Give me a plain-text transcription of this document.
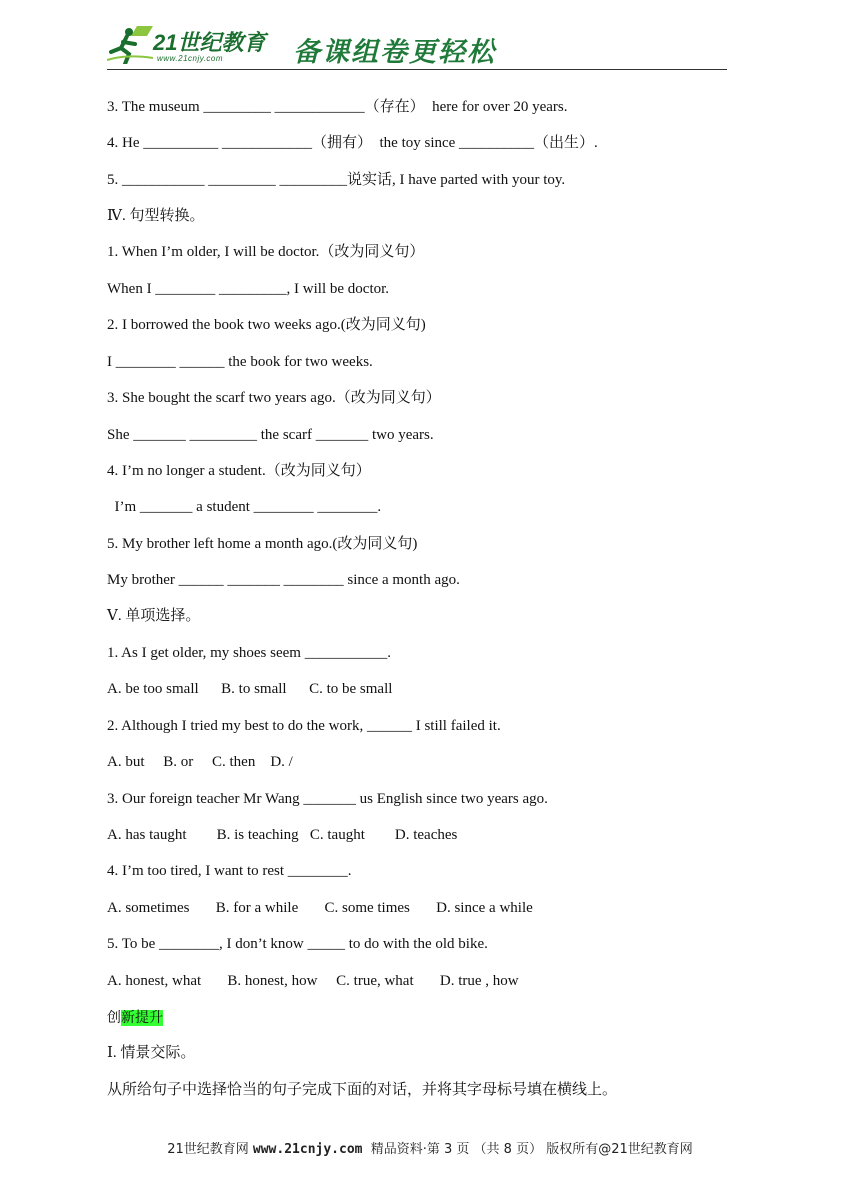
21世纪教育
www.21cnjy.com	备课组卷更轻松
3. The museum _________ ____________（存在）  here for over 20 years.
4. He __________ ____________（拥有）  the toy since __________（出生）.
5. ___________ _________ _________说实话, I have parted with your toy.
Ⅳ. 句型转换。
1. When I’m older, I will be doctor.（改为同义句）
When I ________ _________, I will be doctor.
2. I borrowed the book two weeks ago.(改为同义句)
I ________ ______ the book for two weeks.
3. She bought the scarf two years ago.（改为同义句）
She _______ _________ the scarf _______ two years.
4. I’m no longer a student.（改为同义句）
I’m _______ a student ________ ________.
5. My brother left home a month ago.(改为同义句)
My brother ______ _______ ________ since a month ago.
Ⅴ. 单项选择。
1. As I get older, my shoes seem ___________.
A. be too small      B. to small      C. to be small
2. Although I tried my best to do the work, ______ I still failed it.
A. but     B. or     C. then    D. /
3. Our foreign teacher Mr Wang _______ us English since two years ago.
A. has taught        B. is teaching   C. taught        D. teaches
4. I’m too tired, I want to rest ________.
A. sometimes       B. for a while       C. some times       D. since a while
5. To be ________, I don’t know _____ to do with the old bike.
A. honest, what       B. honest, how     C. true, what       D. true , how
创新提升
Ⅰ. 情景交际。
从所给句子中选择恰当的句子完成下面的对话，并将其字母标号填在横线上。
21世纪教育网 www.21cnjy.com  精品资料·第 3 页 （共 8 页） 版权所有@21世纪教育网
